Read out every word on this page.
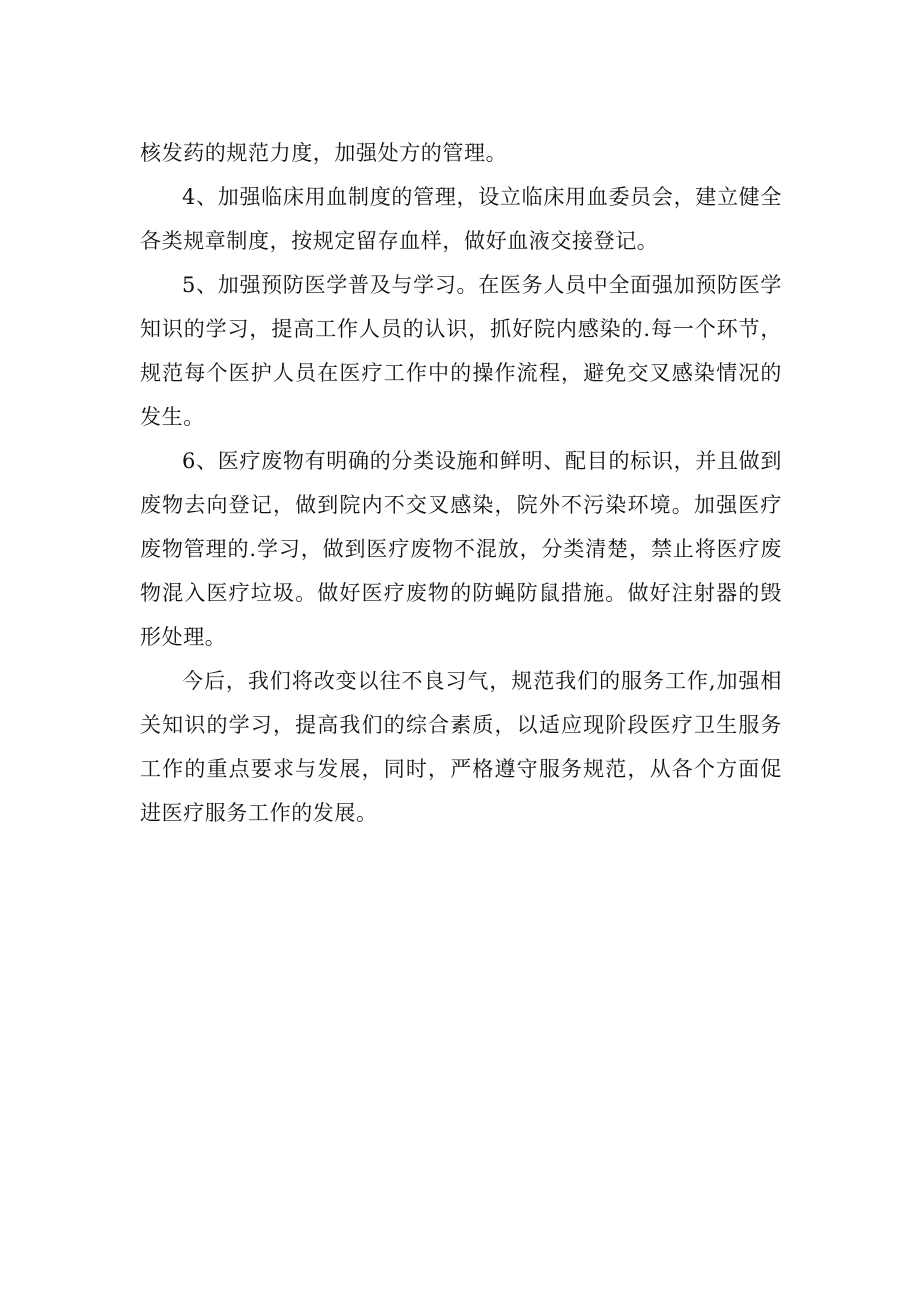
核发药的规范力度，加强处方的管理。

4、加强临床用血制度的管理，设立临床用血委员会，建立健全各类规章制度，按规定留存血样，做好血液交接登记。

5、加强预防医学普及与学习。在医务人员中全面强加预防医学知识的学习，提高工作人员的认识，抓好院内感染的.每一个环节，规范每个医护人员在医疗工作中的操作流程，避免交叉感染情况的发生。

6、医疗废物有明确的分类设施和鲜明、配目的标识，并且做到废物去向登记，做到院内不交叉感染，院外不污染环境。加强医疗废物管理的.学习，做到医疗废物不混放，分类清楚，禁止将医疗废物混入医疗垃圾。做好医疗废物的防蝇防鼠措施。做好注射器的毁形处理。

今后，我们将改变以往不良习气，规范我们的服务工作,加强相关知识的学习，提高我们的综合素质，以适应现阶段医疗卫生服务工作的重点要求与发展，同时，严格遵守服务规范，从各个方面促进医疗服务工作的发展。
